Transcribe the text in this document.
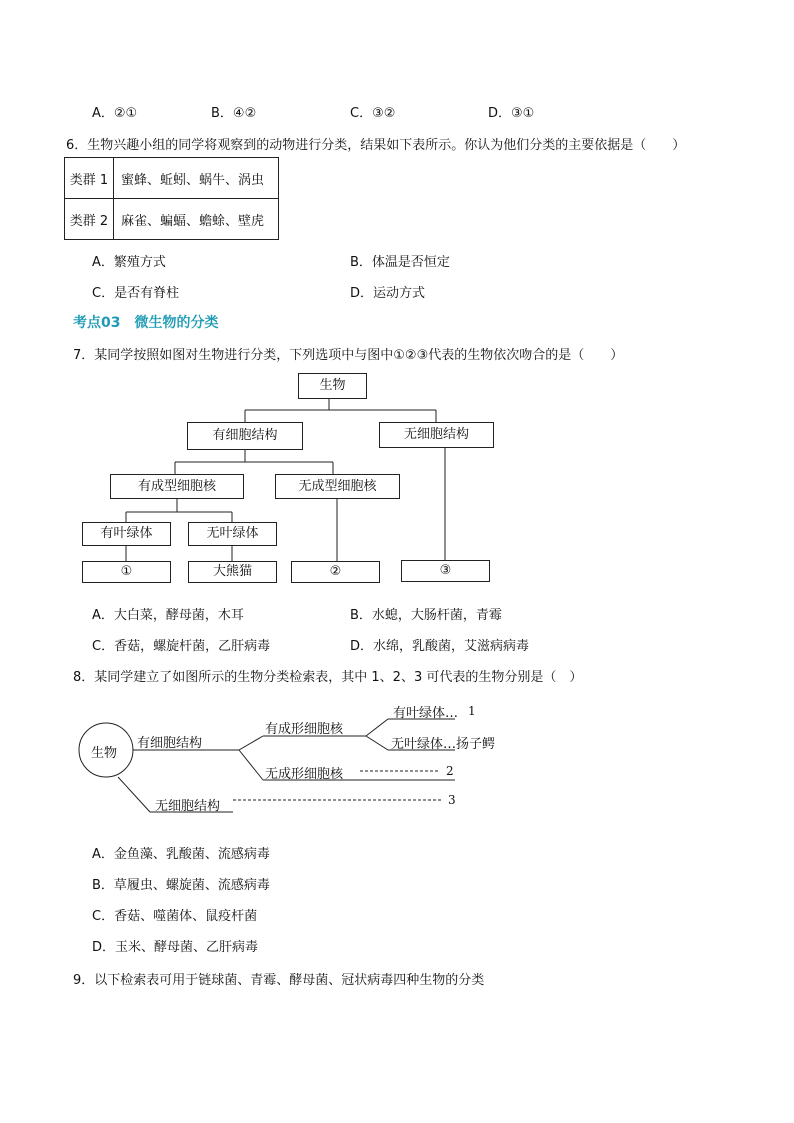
A．②①	B．④②	C．③②	D．③①
6．生物兴趣小组的同学将观察到的动物进行分类，结果如下表所示。你认为他们分类的主要依据是（　　）
类群 1	蜜蜂、蚯蚓、蜗牛、涡虫
类群 2	麻雀、蝙蝠、蟾蜍、壁虎
A．繁殖方式	B．体温是否恒定
C．是否有脊柱	D．运动方式
考点03　微生物的分类
7．某同学按照如图对生物进行分类，下列选项中与图中①②③代表的生物依次吻合的是（　　）
生物
有细胞结构	无细胞结构
有成型细胞核	无成型细胞核
有叶绿体	无叶绿体
①	大熊猫	②	③
A．大白菜，酵母菌，木耳	B．水螅，大肠杆菌，青霉
C．香菇，螺旋杆菌，乙肝病毒	D．水绵，乳酸菌，艾滋病病毒
8．某同学建立了如图所示的生物分类检索表，其中 1、2、3 可代表的生物分别是（　）
生物
有细胞结构
有成形细胞核
有叶绿体… 1
无叶绿体…扬子鳄
无成形细胞核	2
无细胞结构	3
A．金鱼藻、乳酸菌、流感病毒
B．草履虫、螺旋菌、流感病毒
C．香菇、噬菌体、鼠疫杆菌
D．玉米、酵母菌、乙肝病毒
9．以下检索表可用于链球菌、青霉、酵母菌、冠状病毒四种生物的分类
